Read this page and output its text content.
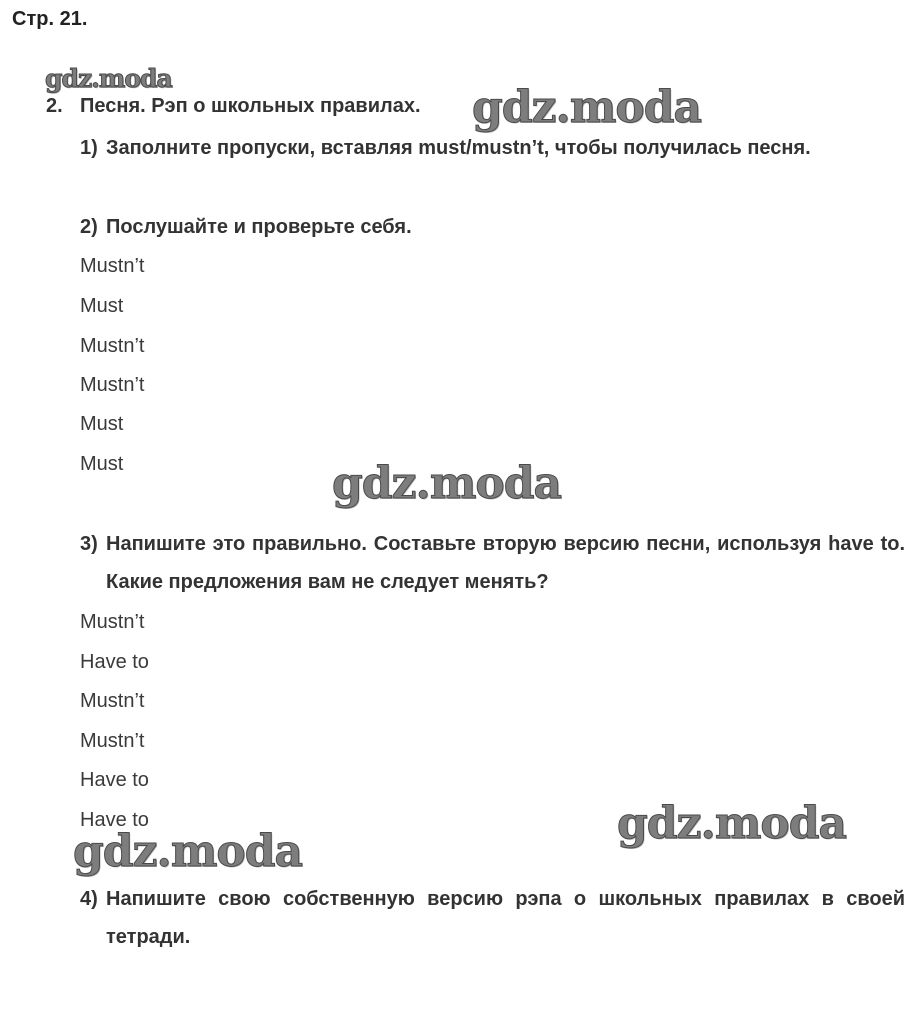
gdz.moda
Стр. 21.
2. Песня. Рэп о школьных правилах. gdz.moda
1) Заполните пропуски, вставляя must/mustn’t, чтобы получилась песня.
2) Послушайте и проверьте себя.
Mustn’t
Must
Mustn’t
Mustn’t
Must
Must	gdz.moda
3) Напишите это правильно. Составьте вторую версию песни, используя have to. Какие предложения вам не следует менять?
Mustn’t
Have to
Mustn’t
Mustn’t
Have to
Have to	gdz.moda
gdz.moda
4) Напишите свою собственную версию рэпа о школьных правилах в своей тетради.
